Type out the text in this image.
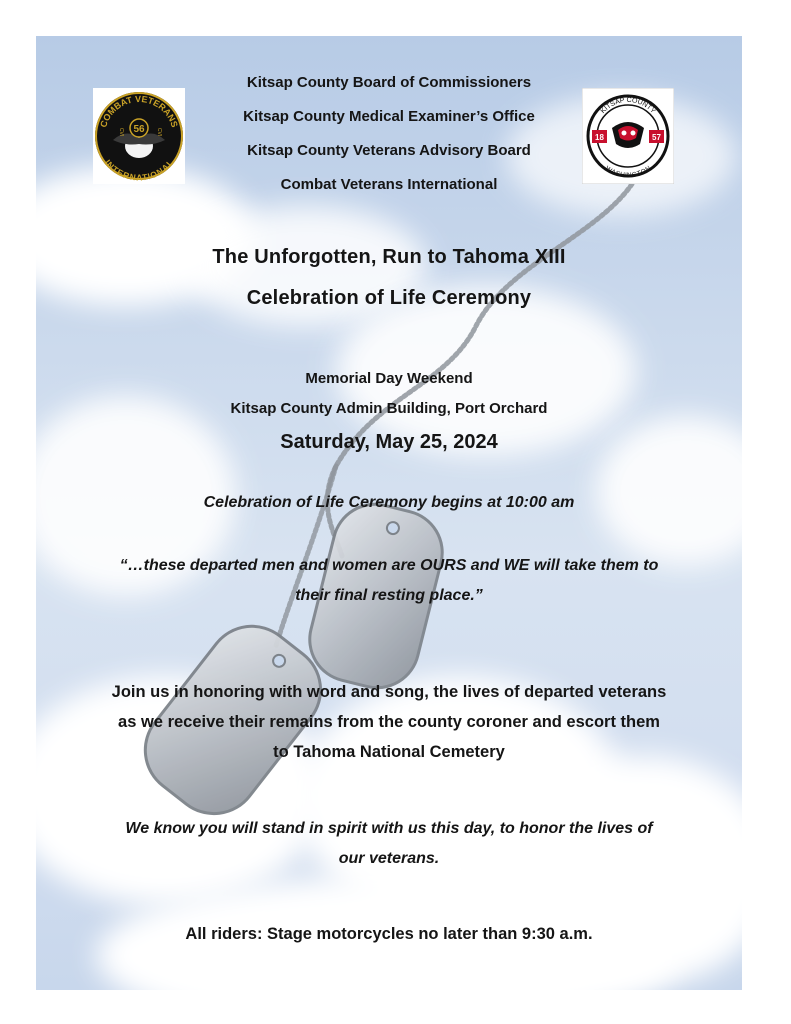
COMBAT VETERANS
INTERNATIONAL
56
CVI	CVI
KITSAP COUNTY
WASHINGTON
18	57

Kitsap County Board of Commissioners

Kitsap County Medical Examiner’s Office

Kitsap County Veterans Advisory Board

Combat Veterans International

The Unforgotten, Run to Tahoma XIII

Celebration of Life Ceremony

Memorial Day Weekend

Kitsap County Admin Building, Port Orchard

Saturday, May 25, 2024

Celebration of Life Ceremony begins at 10:00 am

“…these departed men and women are OURS and WE will take them to

their final resting place.”

Join us in honoring with word and song, the lives of departed veterans

as we receive their remains from the county coroner and escort them

to Tahoma National Cemetery

We know you will stand in spirit with us this day, to honor the lives of

our veterans.

All riders: Stage motorcycles no later than 9:30 a.m.
